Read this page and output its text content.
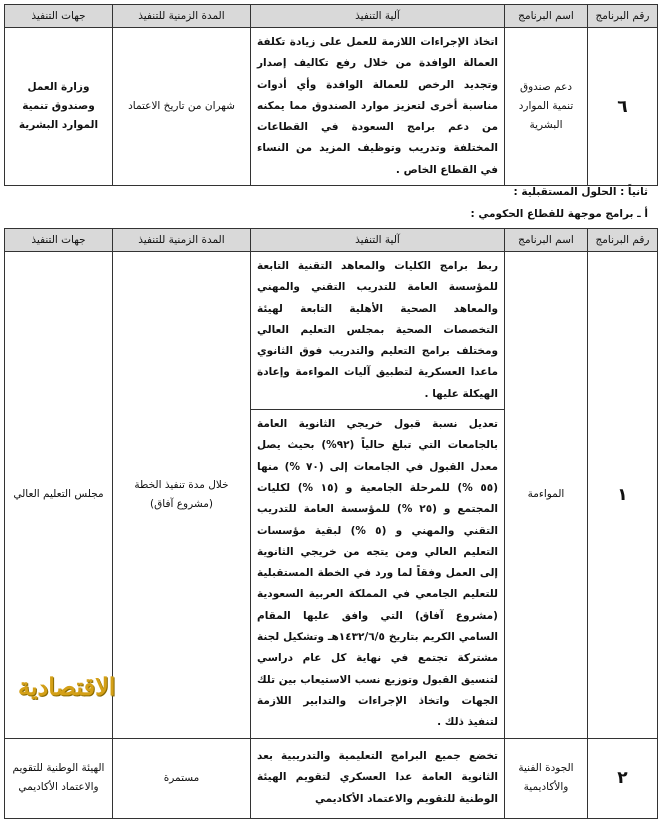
رقم البرنامج	اسم البرنامج	آلية التنفيذ	المدة الزمنية للتنفيذ	جهات التنفيذ
٦	دعم صندوق تنمية الموارد البشرية	اتخاذ الإجراءات اللازمة للعمل على زيادة تكلفة العمالة الوافدة من خلال رفع تكاليف إصدار وتجديد الرخص للعمالة الوافدة وأي أدوات مناسبة أخرى لتعزيز موارد الصندوق مما يمكنه من دعم برامج السعودة في القطاعات المختلفة وتدريب وتوظيف المزيد من النساء في القطاع الخاص .	شهران من تاريخ الاعتماد	وزارة العمل وصندوق تنمية الموارد البشرية
ثانياً : الحلول المستقبلية :
أ ـ برامج موجهة للقطاع الحكومي :
رقم البرنامج	اسم البرنامج	آلية التنفيذ	المدة الزمنية للتنفيذ	جهات التنفيذ
١	المواءمة	ربط برامج الكليات والمعاهد التقنية التابعة للمؤسسة العامة للتدريب التقني والمهني والمعاهد الصحية الأهلية التابعة لهيئة التخصصات الصحية بمجلس التعليم العالي ومختلف برامج التعليم والتدريب فوق الثانوي ماعدا العسكرية لتطبيق آليات المواءمة وإعادة الهيكلة عليها .	خلال مدة تنفيذ الخطة (مشروع آفاق)	مجلس التعليم العالي
		تعديل نسبة قبول خريجي الثانوية العامة بالجامعات التي تبلغ حالياً (٩٢%) بحيث يصل معدل القبول في الجامعات إلى (٧٠ %) منها (٥٥ %) للمرحلة الجامعية و (١٥ %) لكليات المجتمع و (٢٥ %) للمؤسسة العامة للتدريب التقني والمهني و (٥ %) لبقية مؤسسات التعليم العالي ومن يتجه من خريجي الثانوية إلى العمل وفقاً لما ورد في الخطة المستقبلية للتعليم الجامعي في المملكة العربية السعودية (مشروع آفاق) التي وافق عليها المقام السامي الكريم بتاريخ ١٤٣٢/٦/٥هـ وتشكيل لجنة مشتركة تجتمع في نهاية كل عام دراسي لتنسيق القبول وتوزيع نسب الاستيعاب بين تلك الجهات واتخاذ الإجراءات والتدابير اللازمة لتنفيذ ذلك .		
٢	الجودة الفنية والأكاديمية	تخضع جميع البرامج التعليمية والتدريبية بعد الثانوية العامة عدا العسكري لتقويم الهيئة الوطنية للتقويم والاعتماد الأكاديمي	مستمرة	الهيئة الوطنية للتقويم والاعتماد الأكاديمي
الاقتصادية
